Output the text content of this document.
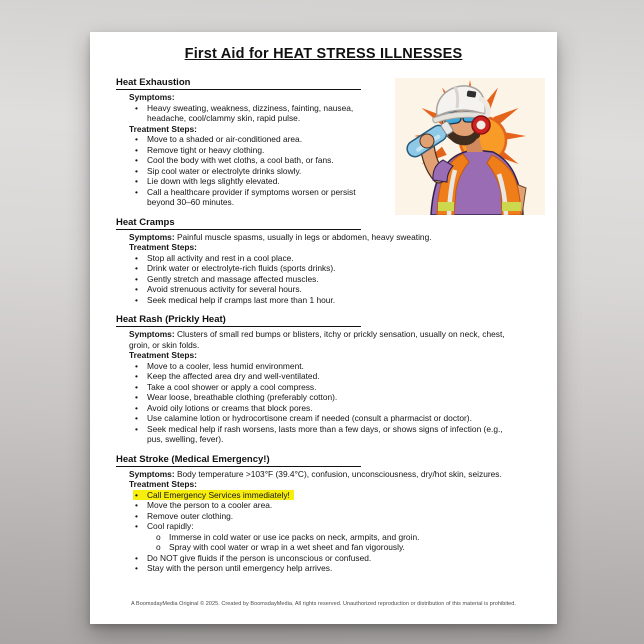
First Aid for HEAT STRESS ILLNESSES
Heat Exhaustion
Symptoms:
•	Heavy sweating, weakness, dizziness, fainting, nausea, headache, cool/clammy skin, rapid pulse.
Treatment Steps:
•	Move to a shaded or air-conditioned area.
•	Remove tight or heavy clothing.
•	Cool the body with wet cloths, a cool bath, or fans.
•	Sip cool water or electrolyte drinks slowly.
•	Lie down with legs slightly elevated.
•	Call a healthcare provider if symptoms worsen or persist beyond 30–60 minutes.
Heat Cramps
Symptoms: Painful muscle spasms, usually in legs or abdomen, heavy sweating.
Treatment Steps:
•	Stop all activity and rest in a cool place.
•	Drink water or electrolyte-rich fluids (sports drinks).
•	Gently stretch and massage affected muscles.
•	Avoid strenuous activity for several hours.
•	Seek medical help if cramps last more than 1 hour.
Heat Rash (Prickly Heat)
Symptoms: Clusters of small red bumps or blisters, itchy or prickly sensation, usually on neck, chest, groin, or skin folds.
Treatment Steps:
•	Move to a cooler, less humid environment.
•	Keep the affected area dry and well-ventilated.
•	Take a cool shower or apply a cool compress.
•	Wear loose, breathable clothing (preferably cotton).
•	Avoid oily lotions or creams that block pores.
•	Use calamine lotion or hydrocortisone cream if needed (consult a pharmacist or doctor).
•	Seek medical help if rash worsens, lasts more than a few days, or shows signs of infection (e.g., pus, swelling, fever).
Heat Stroke (Medical Emergency!)
Symptoms: Body temperature >103°F (39.4°C), confusion, unconsciousness, dry/hot skin, seizures.
Treatment Steps:
•	Call Emergency Services immediately!
•	Move the person to a cooler area.
•	Remove outer clothing.
•	Cool rapidly:
o Immerse in cold water or use ice packs on neck, armpits, and groin.
o Spray with cool water or wrap in a wet sheet and fan vigorously.
•	Do NOT give fluids if the person is unconscious or confused.
•	Stay with the person until emergency help arrives.
A BoomsdayMedia Original © 2025. Created by BoomsdayMedia. All rights reserved. Unauthorized reproduction or distribution of this material is prohibited.
